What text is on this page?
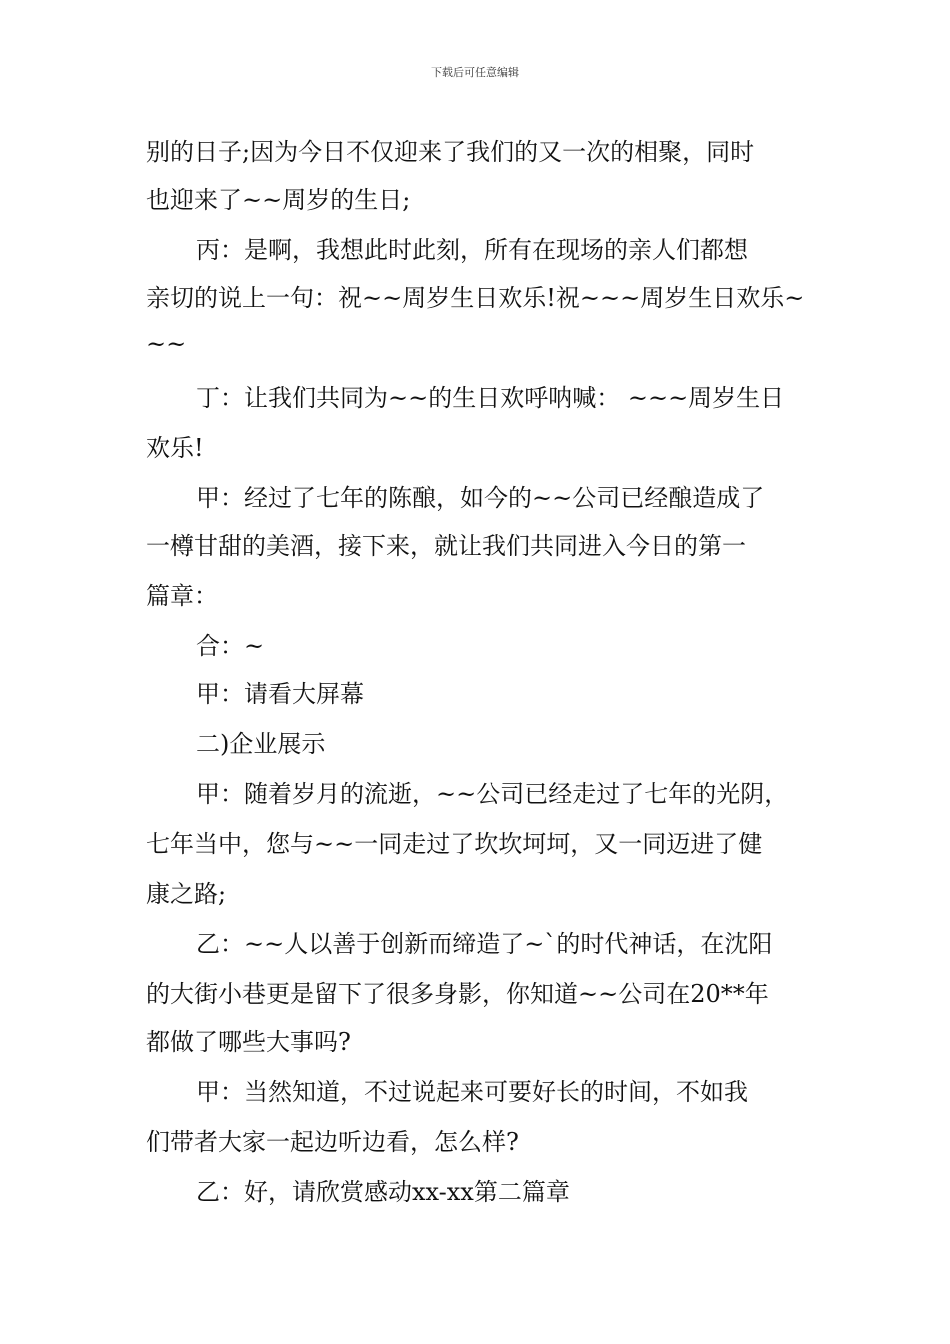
下载后可任意编辑
别的日子;因为今日不仅迎来了我们的又一次的相聚，同时
也迎来了~~周岁的生日;
丙：是啊，我想此时此刻，所有在现场的亲人们都想
亲切的说上一句：祝~~周岁生日欢乐!祝~~~周岁生日欢乐~
~~
丁：让我们共同为~~的生日欢呼呐喊： ~~~周岁生日
欢乐!
甲：经过了七年的陈酿，如今的~~公司已经酿造成了
一樽甘甜的美酒，接下来，就让我们共同进入今日的第一
篇章：
合：~
甲：请看大屏幕
二)企业展示
甲：随着岁月的流逝，~~公司已经走过了七年的光阴，
七年当中，您与~~一同走过了坎坎坷坷，又一同迈进了健
康之路;
乙：~~人以善于创新而缔造了~`的时代神话，在沈阳
的大街小巷更是留下了很多身影，你知道~~公司在20**年
都做了哪些大事吗?
甲：当然知道，不过说起来可要好长的时间，不如我
们带者大家一起边听边看，怎么样?
乙：好，请欣赏感动xx-xx第二篇章
